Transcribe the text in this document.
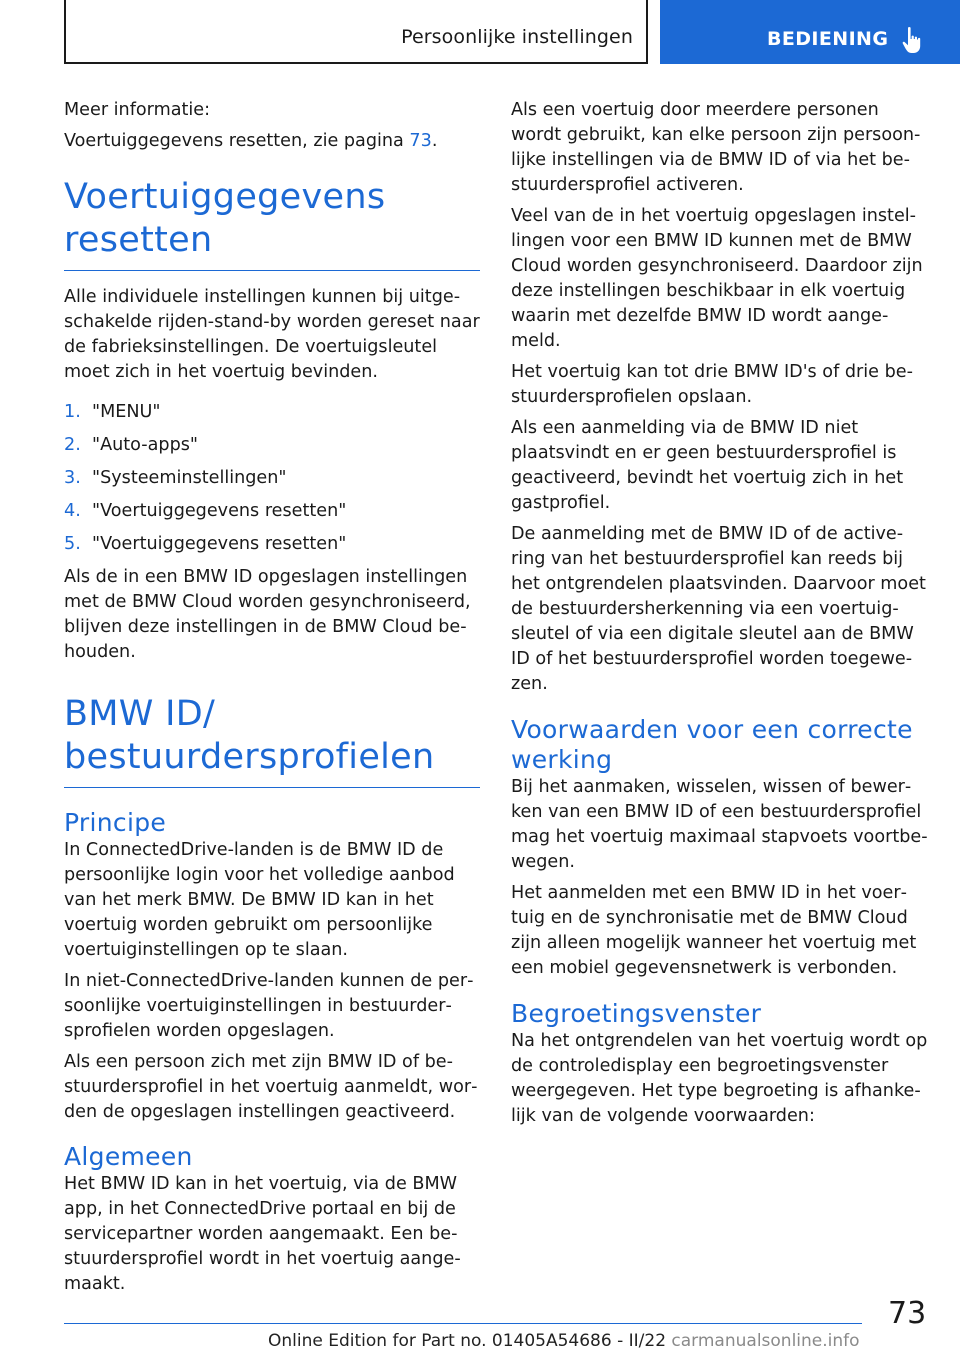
Persoonlijke instellingen	BEDIENING

Meer informatie:

Voertuiggegevens resetten, zie pagina 73.

Voertuiggegevens resetten

Alle individuele instellingen kunnen bij uitgeschakelde rijden-stand-by worden gereset naar de fabrieksinstellingen. De voertuigsleutel moet zich in het voertuig bevinden.

1. "MENU"
2. "Auto-apps"
3. "Systeeminstellingen"
4. "Voertuiggegevens resetten"
5. "Voertuiggegevens resetten"

Als de in een BMW ID opgeslagen instellingen met de BMW Cloud worden gesynchroniseerd, blijven deze instellingen in de BMW Cloud behouden.

BMW ID/ bestuurdersprofielen
Principe

In ConnectedDrive-landen is de BMW ID de persoonlijke login voor het volledige aanbod van het merk BMW. De BMW ID kan in het voertuig worden gebruikt om persoonlijke voertuiginstellingen op te slaan.

In niet-ConnectedDrive-landen kunnen de persoonlijke voertuiginstellingen in bestuurdersprofielen worden opgeslagen.

Als een persoon zich met zijn BMW ID of bestuurdersprofiel in het voertuig aanmeldt, worden de opgeslagen instellingen geactiveerd.

Algemeen

Het BMW ID kan in het voertuig, via de BMW app, in het ConnectedDrive portaal en bij de servicepartner worden aangemaakt. Een bestuurdersprofiel wordt in het voertuig aangemaakt.

Als een voertuig door meerdere personen wordt gebruikt, kan elke persoon zijn persoonlijke instellingen via de BMW ID of via het bestuurdersprofiel activeren.

Veel van de in het voertuig opgeslagen instellingen voor een BMW ID kunnen met de BMW Cloud worden gesynchroniseerd. Daardoor zijn deze instellingen beschikbaar in elk voertuig waarin met dezelfde BMW ID wordt aangemeld.

Het voertuig kan tot drie BMW ID's of drie bestuurdersprofielen opslaan.

Als een aanmelding via de BMW ID niet plaatsvindt en er geen bestuurdersprofiel is geactiveerd, bevindt het voertuig zich in het gastprofiel.

De aanmelding met de BMW ID of de activering van het bestuurdersprofiel kan reeds bij het ontgrendelen plaatsvinden. Daarvoor moet de bestuurdersherkenning via een voertuigsleutel of via een digitale sleutel aan de BMW ID of het bestuurdersprofiel worden toegewezen.

Voorwaarden voor een correcte werking

Bij het aanmaken, wisselen, wissen of bewerken van een BMW ID of een bestuurdersprofiel mag het voertuig maximaal stapvoets voortbewegen.

Het aanmelden met een BMW ID in het voertuig en de synchronisatie met de BMW Cloud zijn alleen mogelijk wanneer het voertuig met een mobiel gegevensnetwerk is verbonden.

Begroetingsvenster

Na het ontgrendelen van het voertuig wordt op de controledisplay een begroetingsvenster weergegeven. Het type begroeting is afhankelijk van de volgende voorwaarden:

73
Online Edition for Part no. 01405A54686 - II/22 carmanualsonline.info
